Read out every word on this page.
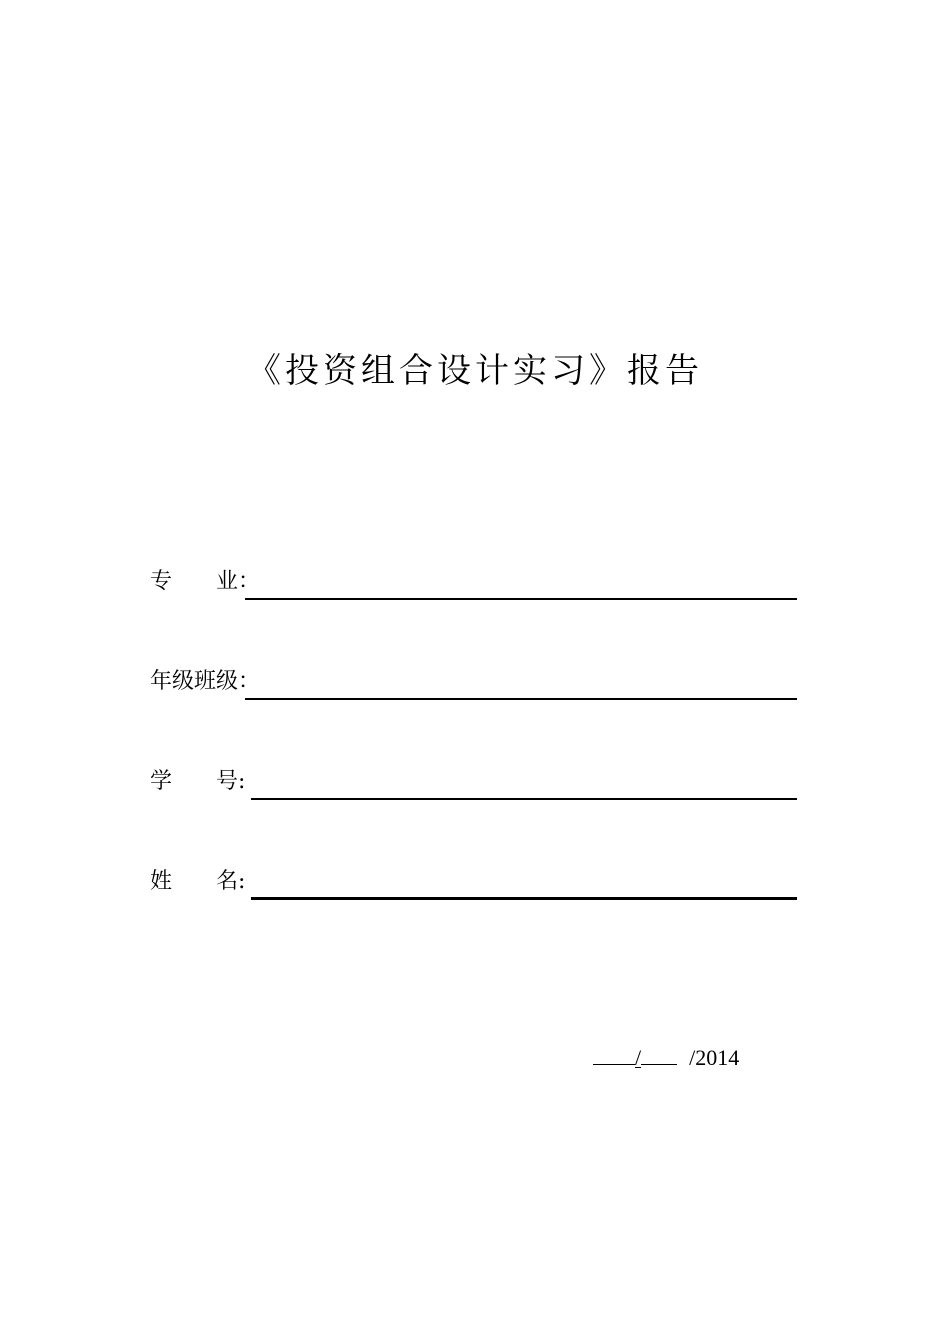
《投资组合设计实习》报告
专　　业：
年级班级：
学　　号:
姓　　名:
/ /2014
